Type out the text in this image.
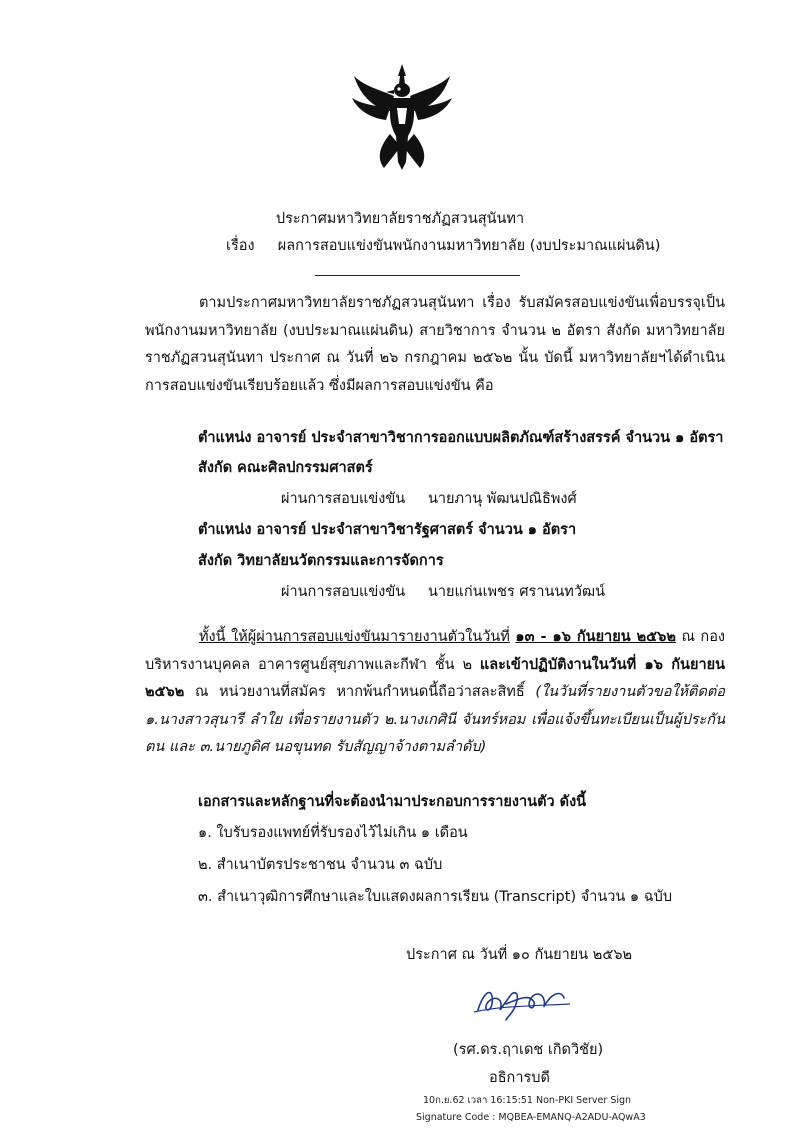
ประกาศมหาวิทยาลัยราชภัฏสวนสุนันทา
เรื่อง ผลการสอบแข่งขันพนักงานมหาวิทยาลัย (งบประมาณแผ่นดิน)
ตามประกาศมหาวิทยาลัยราชภัฏสวนสุนันทา เรื่อง รับสมัครสอบแข่งขันเพื่อบรรจุเป็นพนักงานมหาวิทยาลัย (งบประมาณแผ่นดิน) สายวิชาการ จำนวน ๒ อัตรา สังกัด มหาวิทยาลัยราชภัฏสวนสุนันทา ประกาศ ณ วันที่ ๒๖ กรกฎาคม ๒๕๖๒ นั้น บัดนี้ มหาวิทยาลัยฯได้ดำเนินการสอบแข่งขันเรียบร้อยแล้ว ซึ่งมีผลการสอบแข่งขัน คือ
ตำแหน่ง อาจารย์ ประจำสาขาวิชาการออกแบบผลิตภัณฑ์สร้างสรรค์ จำนวน ๑ อัตรา
สังกัด คณะศิลปกรรมศาสตร์
ผ่านการสอบแข่งขัน นายภานุ พัฒนปณิธิพงศ์
ตำแหน่ง อาจารย์ ประจำสาขาวิชารัฐศาสตร์ จำนวน ๑ อัตรา
สังกัด วิทยาลัยนวัตกรรมและการจัดการ
ผ่านการสอบแข่งขัน นายแก่นเพชร ศรานนทวัฒน์
ทั้งนี้ ให้ผู้ผ่านการสอบแข่งขันมารายงานตัวในวันที่ ๑๓ - ๑๖ กันยายน ๒๕๖๒ ณ กองบริหารงานบุคคล อาคารศูนย์สุขภาพและกีฬา ชั้น ๒ และเข้าปฏิบัติงานในวันที่ ๑๖ กันยายน ๒๕๖๒ ณ หน่วยงานที่สมัคร หากพ้นกำหนดนี้ถือว่าสละสิทธิ์ (ในวันที่รายงานตัวขอให้ติดต่อ ๑.นางสาวสุนารี ลำใย เพื่อรายงานตัว ๒.นางเกศินี จันทร์หอม เพื่อแจ้งขึ้นทะเบียนเป็นผู้ประกันตน และ ๓.นายภูดิศ นอขุนทด รับสัญญาจ้างตามลำดับ)
เอกสารและหลักฐานที่จะต้องนำมาประกอบการรายงานตัว ดังนี้
๑. ใบรับรองแพทย์ที่รับรองไว้ไม่เกิน ๑ เดือน
๒. สำเนาบัตรประชาชน จำนวน ๓ ฉบับ
๓. สำเนาวุฒิการศึกษาและใบแสดงผลการเรียน (Transcript) จำนวน ๑ ฉบับ
ประกาศ ณ วันที่ ๑๐ กันยายน ๒๕๖๒
(รศ.ดร.ฤาเดช เกิดวิชัย)
อธิการบดี
10ก.ย.62 เวลา 16:15:51 Non-PKI Server Sign
Signature Code : MQBEA-EMANQ-A2ADU-AQwA3
